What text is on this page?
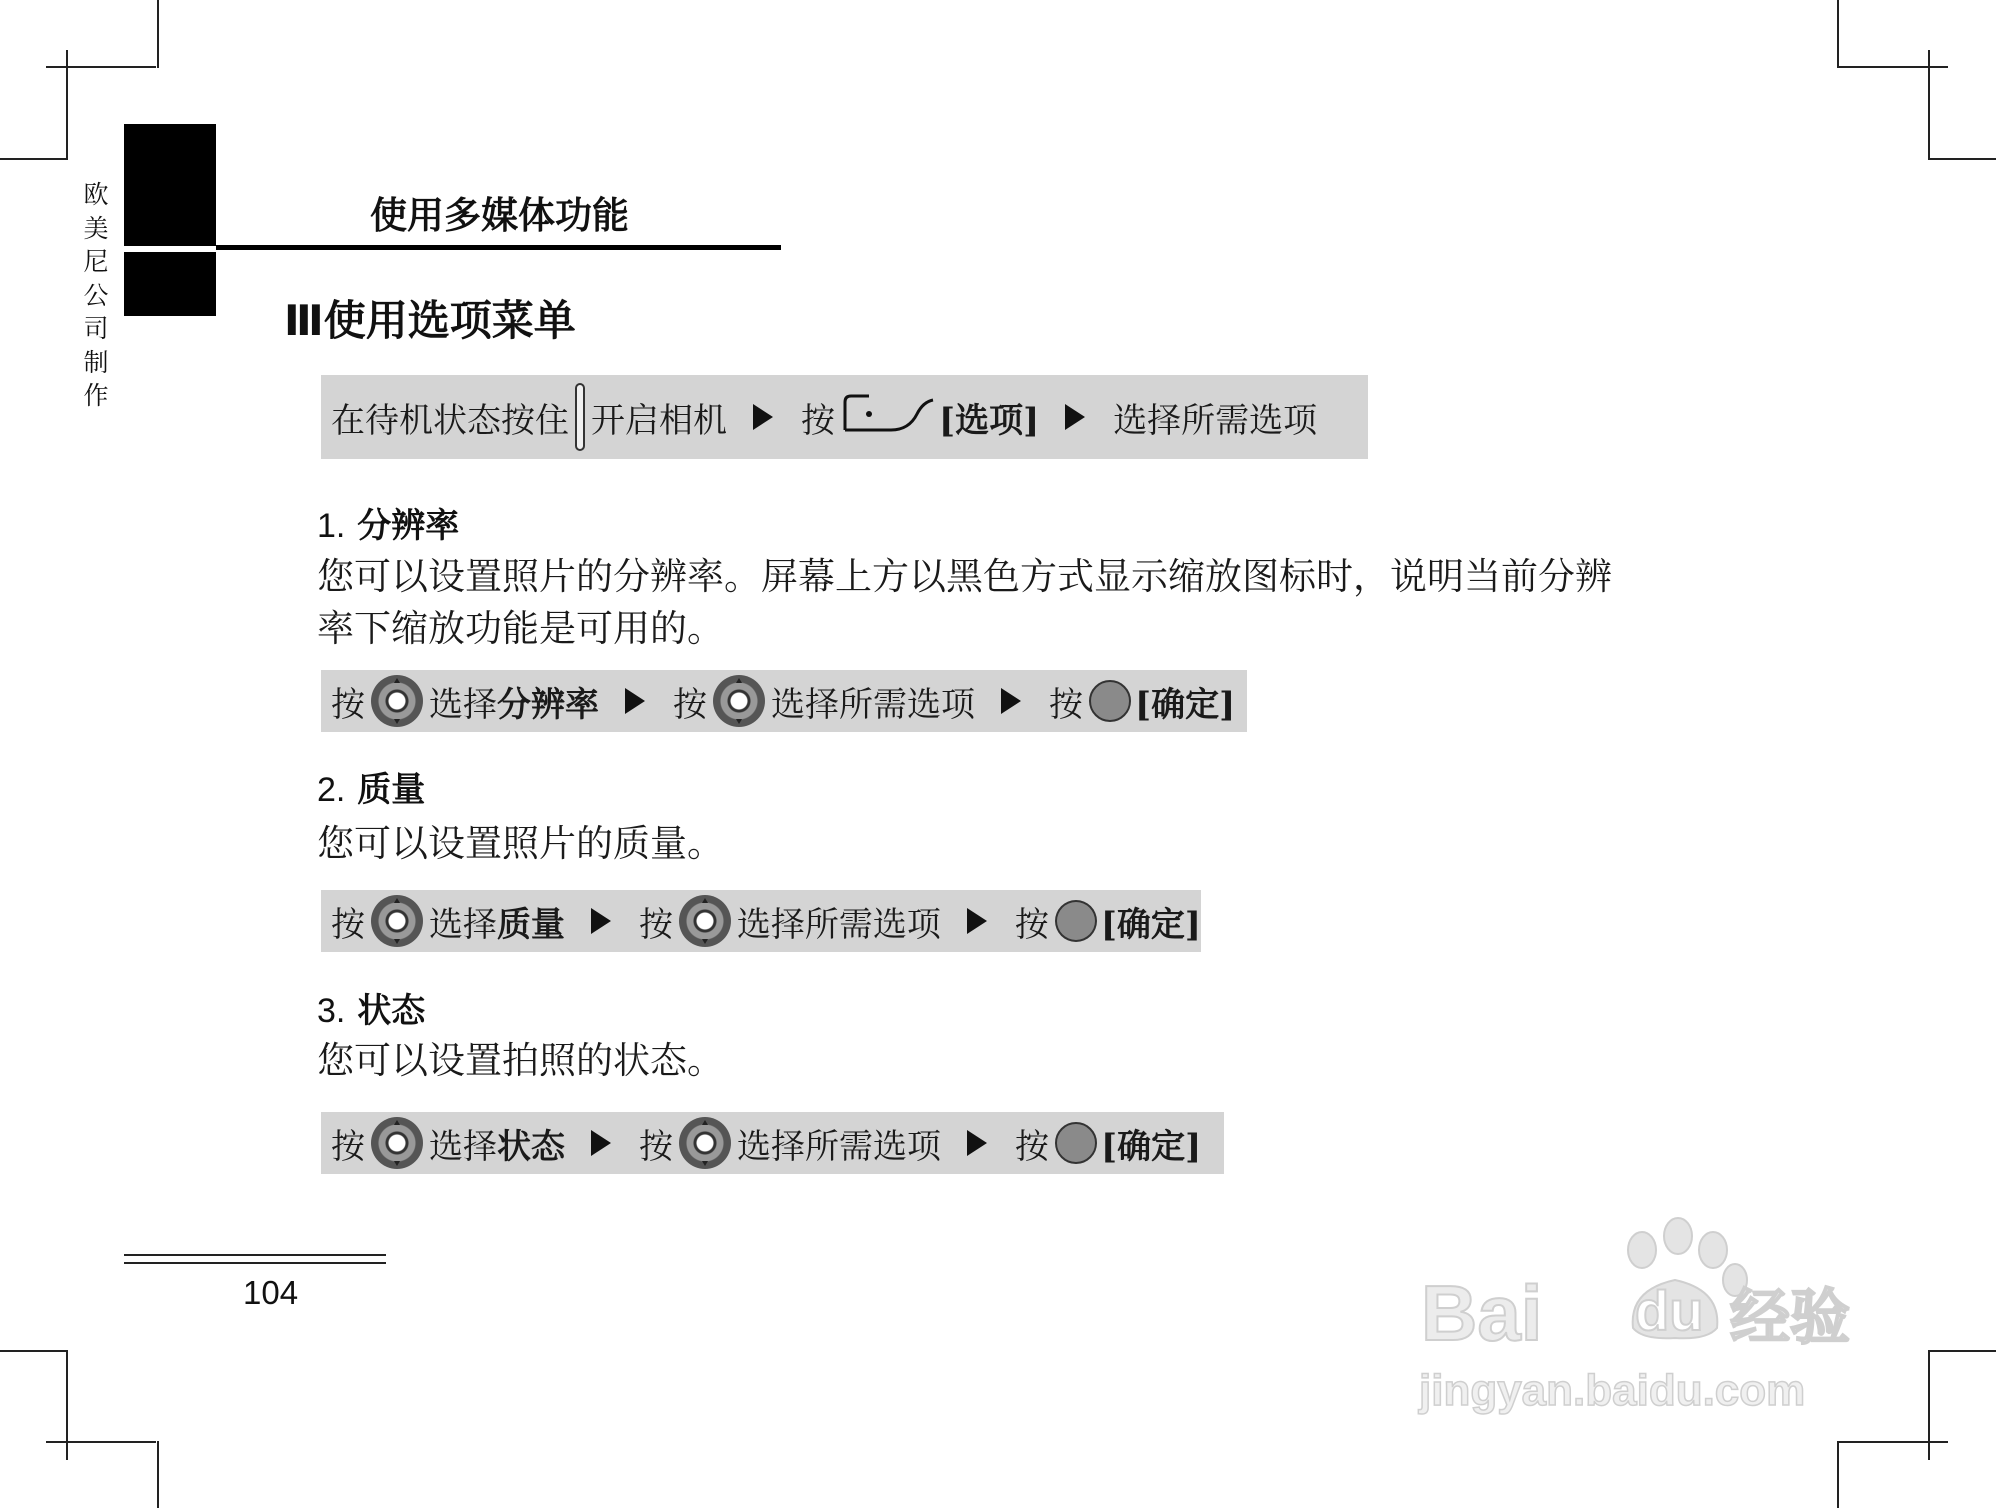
欧
美
尼
公
司
制
作
使用多媒体功能
Ⅲ使用选项菜单
在待机状态按住 开启相机 按	[选项] 选择所需选项
1. 分辨率
您可以设置照片的分辨率。屏幕上方以黑色方式显示缩放图标时，说明当前分辨
率下缩放功能是可用的。
按 选择 分辨率 按 选择所需选项 按 [确定]
2. 质量
您可以设置照片的质量。
按 选择 质量 按 选择所需选项 按 [确定]
3. 状态
您可以设置拍照的状态。
按 选择 状态 按 选择所需选项 按 [确定]
104	Bai du 经验
jingyan.baidu.com
